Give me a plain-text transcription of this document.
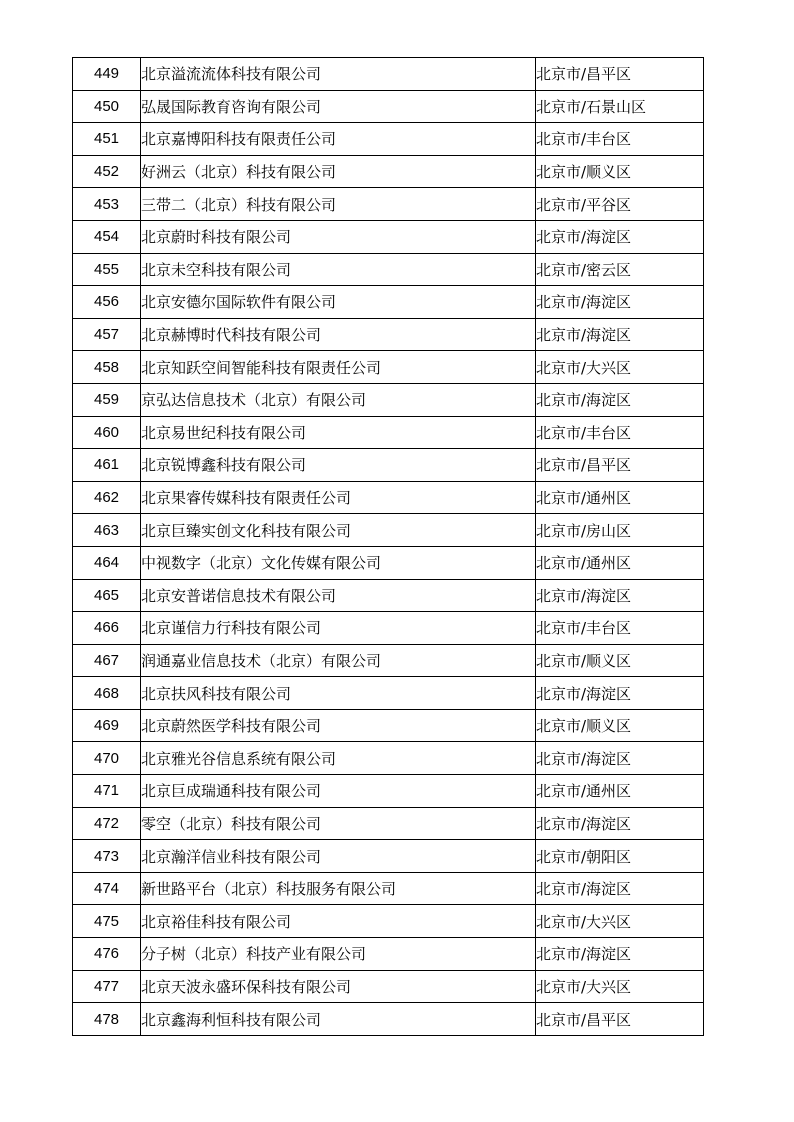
449	北京溢流流体科技有限公司	北京市/昌平区
450	弘晟国际教育咨询有限公司	北京市/石景山区
451	北京嘉博阳科技有限责任公司	北京市/丰台区
452	好洲云（北京）科技有限公司	北京市/顺义区
453	三带二（北京）科技有限公司	北京市/平谷区
454	北京蔚时科技有限公司	北京市/海淀区
455	北京未空科技有限公司	北京市/密云区
456	北京安德尔国际软件有限公司	北京市/海淀区
457	北京赫博时代科技有限公司	北京市/海淀区
458	北京知跃空间智能科技有限责任公司	北京市/大兴区
459	京弘达信息技术（北京）有限公司	北京市/海淀区
460	北京易世纪科技有限公司	北京市/丰台区
461	北京锐博鑫科技有限公司	北京市/昌平区
462	北京果睿传媒科技有限责任公司	北京市/通州区
463	北京巨臻实创文化科技有限公司	北京市/房山区
464	中视数字（北京）文化传媒有限公司	北京市/通州区
465	北京安普诺信息技术有限公司	北京市/海淀区
466	北京谨信力行科技有限公司	北京市/丰台区
467	润通嘉业信息技术（北京）有限公司	北京市/顺义区
468	北京扶风科技有限公司	北京市/海淀区
469	北京蔚然医学科技有限公司	北京市/顺义区
470	北京雅光谷信息系统有限公司	北京市/海淀区
471	北京巨成瑞通科技有限公司	北京市/通州区
472	零空（北京）科技有限公司	北京市/海淀区
473	北京瀚洋信业科技有限公司	北京市/朝阳区
474	新世路平台（北京）科技服务有限公司	北京市/海淀区
475	北京裕佳科技有限公司	北京市/大兴区
476	分子树（北京）科技产业有限公司	北京市/海淀区
477	北京天波永盛环保科技有限公司	北京市/大兴区
478	北京鑫海利恒科技有限公司	北京市/昌平区
